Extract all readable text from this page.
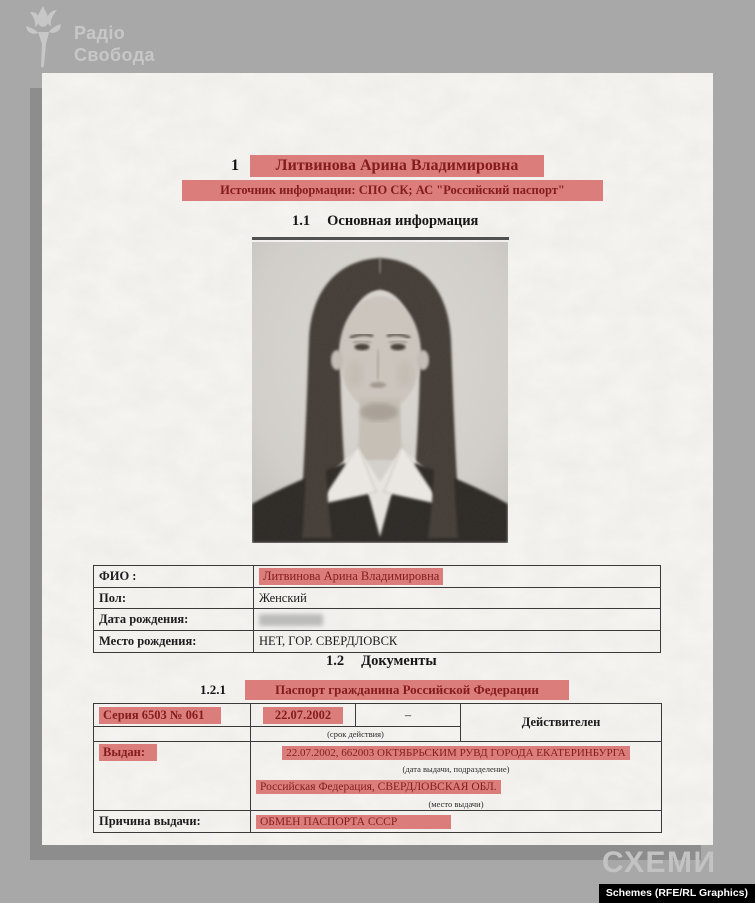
Радіо
Свобода
1	Литвинова Арина Владимировна
Источник информации: СПО СК; АС "Российский паспорт"
1.1 Основная информация
ФИО :	Литвинова Арина Владимировна
Пол:	Женский
Дата рождения:	
Место рождения:	НЕТ, ГОР. СВЕРДЛОВСК
1.2 Документы
1.2.1	Паспорт гражданина Российской Федерации
Серия 6503 № 061	22.07.2002	–	Действителен
	(срок действия)		
Выдан:	22.07.2002, 662003 ОКТЯБРЬСКИМ РУВД ГОРОДА ЕКАТЕРИНБУРГА		
	(дата выдачи, подразделение)		
	Российская Федерация, СВЕРДЛОВСКАЯ ОБЛ.		
	(место выдачи)		
Причина выдачи:	ОБМЕН ПАСПОРТА СССР		
СХЕМИ
Schemes (RFE/RL Graphics)
